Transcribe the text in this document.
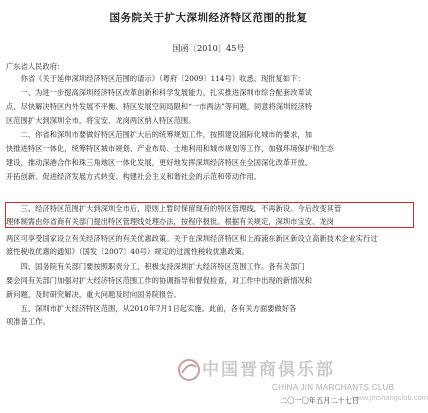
国务院关于扩大深圳经济特区范围的批复
国函〔2010〕45号
广东省人民政府：
　　你省《关于延伸深圳经济特区范围的请示》（粤府〔2009〕114号）收悉。现批复如下：
　　一、为进一步提高深圳经济特区改革创新和科学发展能力，扎实推进深圳市综合配套改革试
点，尽快解决特区内外发展不平衡、特区发展空间局限和“一市两法”等问题，同意将深圳经济特
区范围扩大到深圳全市，将宝安、龙岗两区纳入特区范围。
　　二、你省和深圳市要做好特区范围扩大后的统筹规划工作，按照建设国际化城市的要求，加
快推进特区一体化，统筹特区城市规划、产业布局、土地利用和城市规划等工作，加强环境保护和生态
建设，推动深港合作和珠三角地区一体化发展，更好地发挥深圳经济特区在全国深化改革开放、
开拓创新、促进经济发展方式转变、构建社会主义和谐社会的示范和带动作用。
　　三、经济特区范围扩大到深圳全市后，原则上暂时保留现有的特区管理线，不再新设。今后改变其管
理体制需由你省商有关部门提出特区管理线处理办法，按程序报批。根据有关规定，深圳市宝安、龙岗
两区可享受国家设立有关经济特区的有关优惠政策。关于在深圳经济特区和上海浦东新区新设立高新技术企业实行过
渡性税收优惠的通知》（国发〔2007〕40号）规定的过渡性税收优惠政策。
　　四、国务院有关部门要按照职责分工，积极支持深圳扩大经济特区范围工作。各有关部门
要会同有关部门加强对扩大经济特区范围工作的协调指导和督促检查，对工作中出现的新情况和
新问题，及时研究解决，重大问题及时向国务院报告。
　　五、深圳市扩大经济特区范围，从2010年7月1日起实施。此前，各有关方面要做好各
项准备工作。
中国晋商俱乐部
CHINA JIN MARCHANTS CLUB
www.jinshangclub.com
二〇一〇年五月二十七日
